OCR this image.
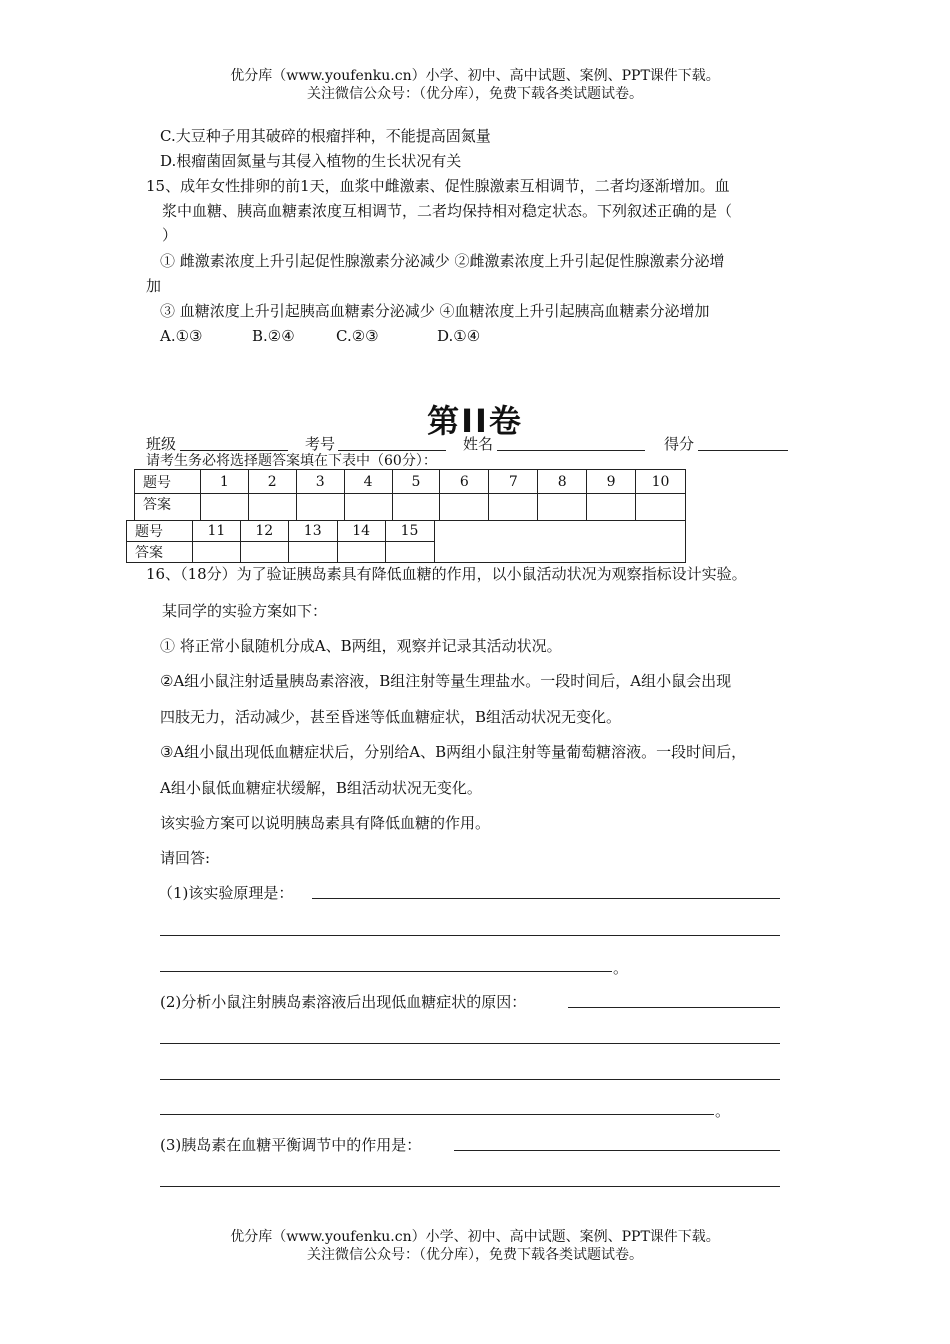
优分库（www.youfenku.cn）小学、初中、高中试题、案例、PPT课件下载。
关注微信公众号：（优分库），免费下载各类试题试卷。
C.大豆种子用其破碎的根瘤拌种，不能提高固氮量
D.根瘤菌固氮量与其侵入植物的生长状况有关
15、成年女性排卵的前1天，血浆中雌激素、促性腺激素互相调节，二者均逐渐增加。血
浆中血糖、胰高血糖素浓度互相调节，二者均保持相对稳定状态。下列叙述正确的是（
）
① 雌激素浓度上升引起促性腺激素分泌减少 ②雌激素浓度上升引起促性腺激素分泌增
加
③ 血糖浓度上升引起胰高血糖素分泌减少 ④血糖浓度上升引起胰高血糖素分泌增加
A.①③	B.②④	C.②③	D.①④
第II卷
班级	考号	姓名	得分
请考生务必将选择题答案填在下表中（60分）：
题号	1	2	3	4	5	6	7	8	9	10
答案										
题号	11	12	13	14	15	
答案						
16、（18分）为了验证胰岛素具有降低血糖的作用，以小鼠活动状况为观察指标设计实验。
某同学的实验方案如下：
① 将正常小鼠随机分成A、B两组，观察并记录其活动状况。
②A组小鼠注射适量胰岛素溶液，B组注射等量生理盐水。一段时间后，A组小鼠会出现
四肢无力，活动减少，甚至昏迷等低血糖症状，B组活动状况无变化。
③A组小鼠出现低血糖症状后，分别给A、B两组小鼠注射等量葡萄糖溶液。一段时间后，
A组小鼠低血糖症状缓解，B组活动状况无变化。
该实验方案可以说明胰岛素具有降低血糖的作用。
请回答:
（1)该实验原理是：
。
(2)分析小鼠注射胰岛素溶液后出现低血糖症状的原因：
。
(3)胰岛素在血糖平衡调节中的作用是：
优分库（www.youfenku.cn）小学、初中、高中试题、案例、PPT课件下载。
关注微信公众号：（优分库），免费下载各类试题试卷。
